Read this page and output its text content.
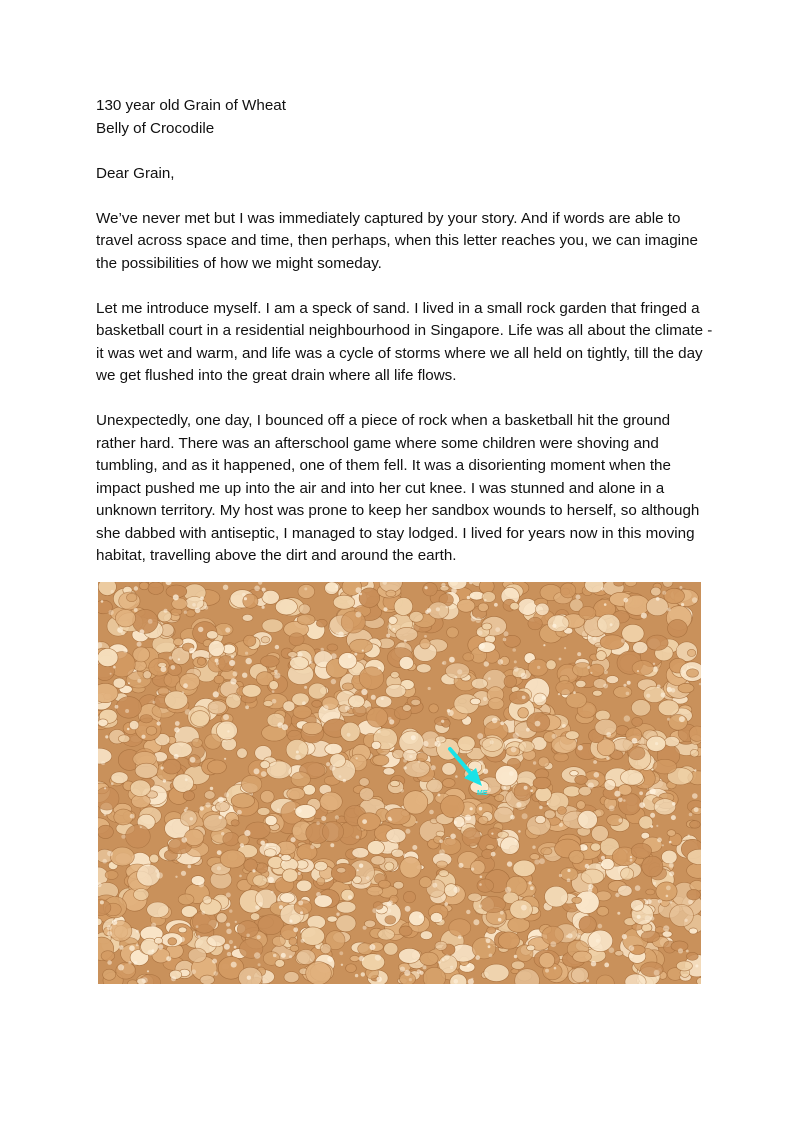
130 year old Grain of Wheat

Belly of Crocodile

Dear Grain,

We’ve never met but I was immediately captured by your story. And if words are able to

travel across space and time, then perhaps, when this letter reaches you, we can imagine

the possibilities of how we might someday.

Let me introduce myself. I am a speck of sand. I lived in a small rock garden that fringed a

basketball court in a residential neighbourhood in Singapore. Life was all about the climate -

it was wet and warm, and life was a cycle of storms where we all held on tightly, till the day

we get flushed into the great drain where all life flows.

Unexpectedly, one day, I bounced off a piece of rock when a basketball hit the ground

rather hard. There was an afterschool game where some children were shoving and

tumbling, and as it happened, one of them fell. It was a disorienting moment when the

impact pushed me up into the air and into her cut knee. I was stunned and alone in a

unknown territory. My host was prone to keep her sandbox wounds to herself, so although

she dabbed with antiseptic, I managed to stay lodged. I lived for years now in this moving

habitat, travelling above the dirt and around the earth.

ME
